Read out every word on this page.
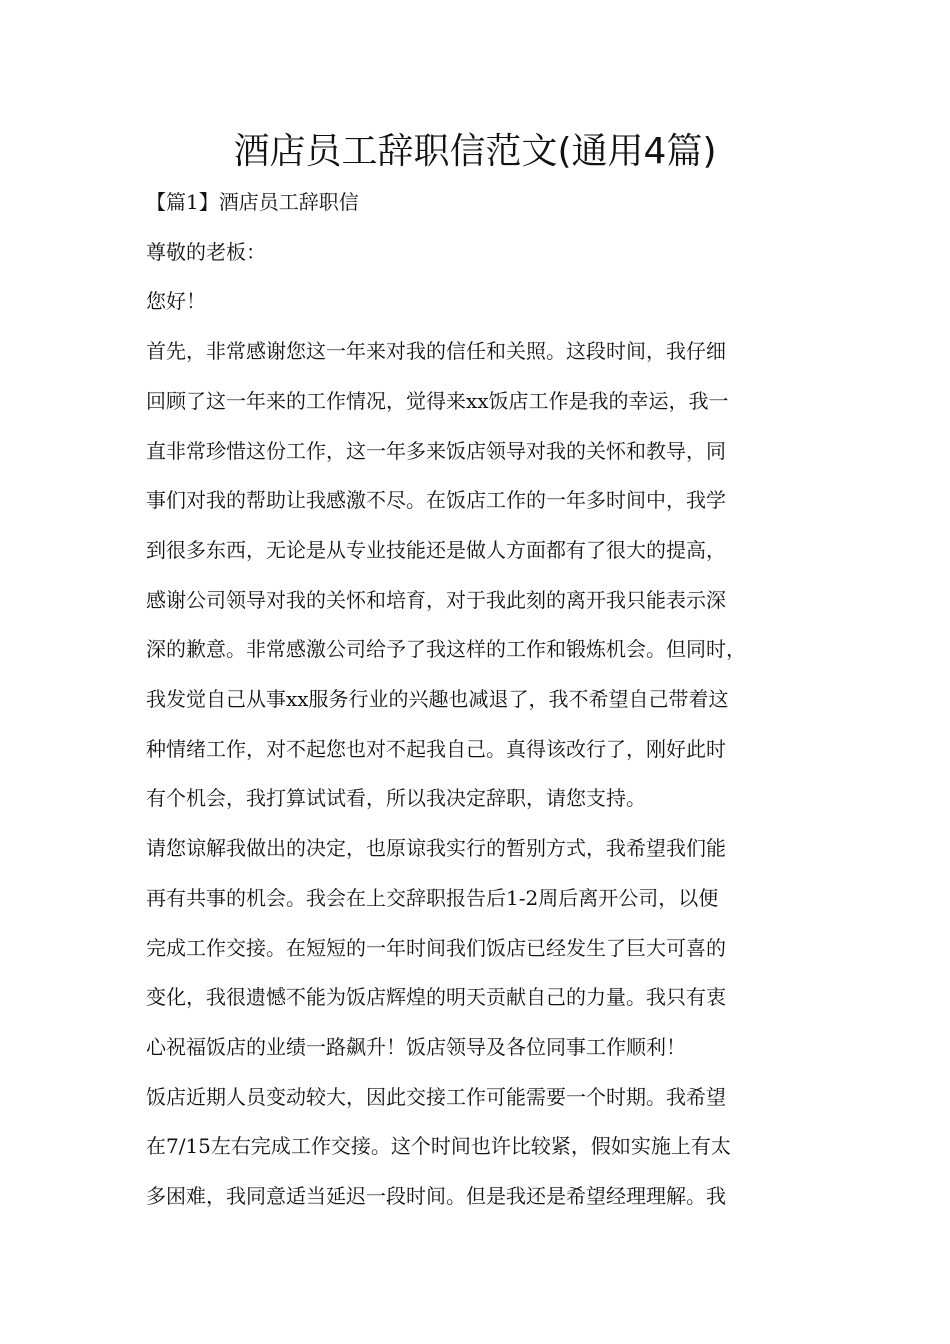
酒店员工辞职信范文(通用4篇)
【篇1】酒店员工辞职信
尊敬的老板：
您好！
首先，非常感谢您这一年来对我的信任和关照。这段时间，我仔细
回顾了这一年来的工作情况，觉得来xx饭店工作是我的幸运，我一
直非常珍惜这份工作，这一年多来饭店领导对我的关怀和教导，同
事们对我的帮助让我感激不尽。在饭店工作的一年多时间中，我学
到很多东西，无论是从专业技能还是做人方面都有了很大的提高，
感谢公司领导对我的关怀和培育，对于我此刻的离开我只能表示深
深的歉意。非常感激公司给予了我这样的工作和锻炼机会。但同时，
我发觉自己从事xx服务行业的兴趣也减退了，我不希望自己带着这
种情绪工作，对不起您也对不起我自己。真得该改行了，刚好此时
有个机会，我打算试试看，所以我决定辞职，请您支持。
请您谅解我做出的决定，也原谅我实行的暂别方式，我希望我们能
再有共事的机会。我会在上交辞职报告后1-2周后离开公司，以便
完成工作交接。在短短的一年时间我们饭店已经发生了巨大可喜的
变化，我很遗憾不能为饭店辉煌的明天贡献自己的力量。我只有衷
心祝福饭店的业绩一路飙升！饭店领导及各位同事工作顺利！
饭店近期人员变动较大，因此交接工作可能需要一个时期。我希望
在7/15左右完成工作交接。这个时间也许比较紧，假如实施上有太
多困难，我同意适当延迟一段时间。但是我还是希望经理理解。我
